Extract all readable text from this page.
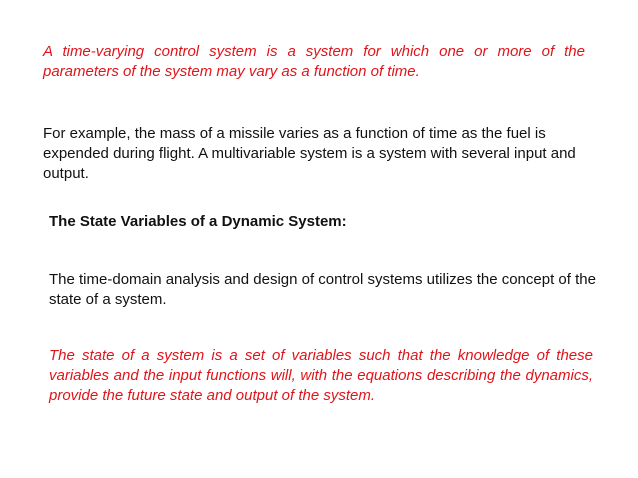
A time-varying control system is a system for which one or more of the parameters of the system may vary as a function of time.

For example, the mass of a missile varies as a function of time as the fuel is expended during flight. A multivariable system is a system with several input and output.

The State Variables of a Dynamic System:

The time-domain analysis and design of control systems utilizes the concept of the state of a system.

The state of a system is a set of variables such that the knowledge of these variables and the input functions will, with the equations describing the dynamics, provide the future state and output of the system.
